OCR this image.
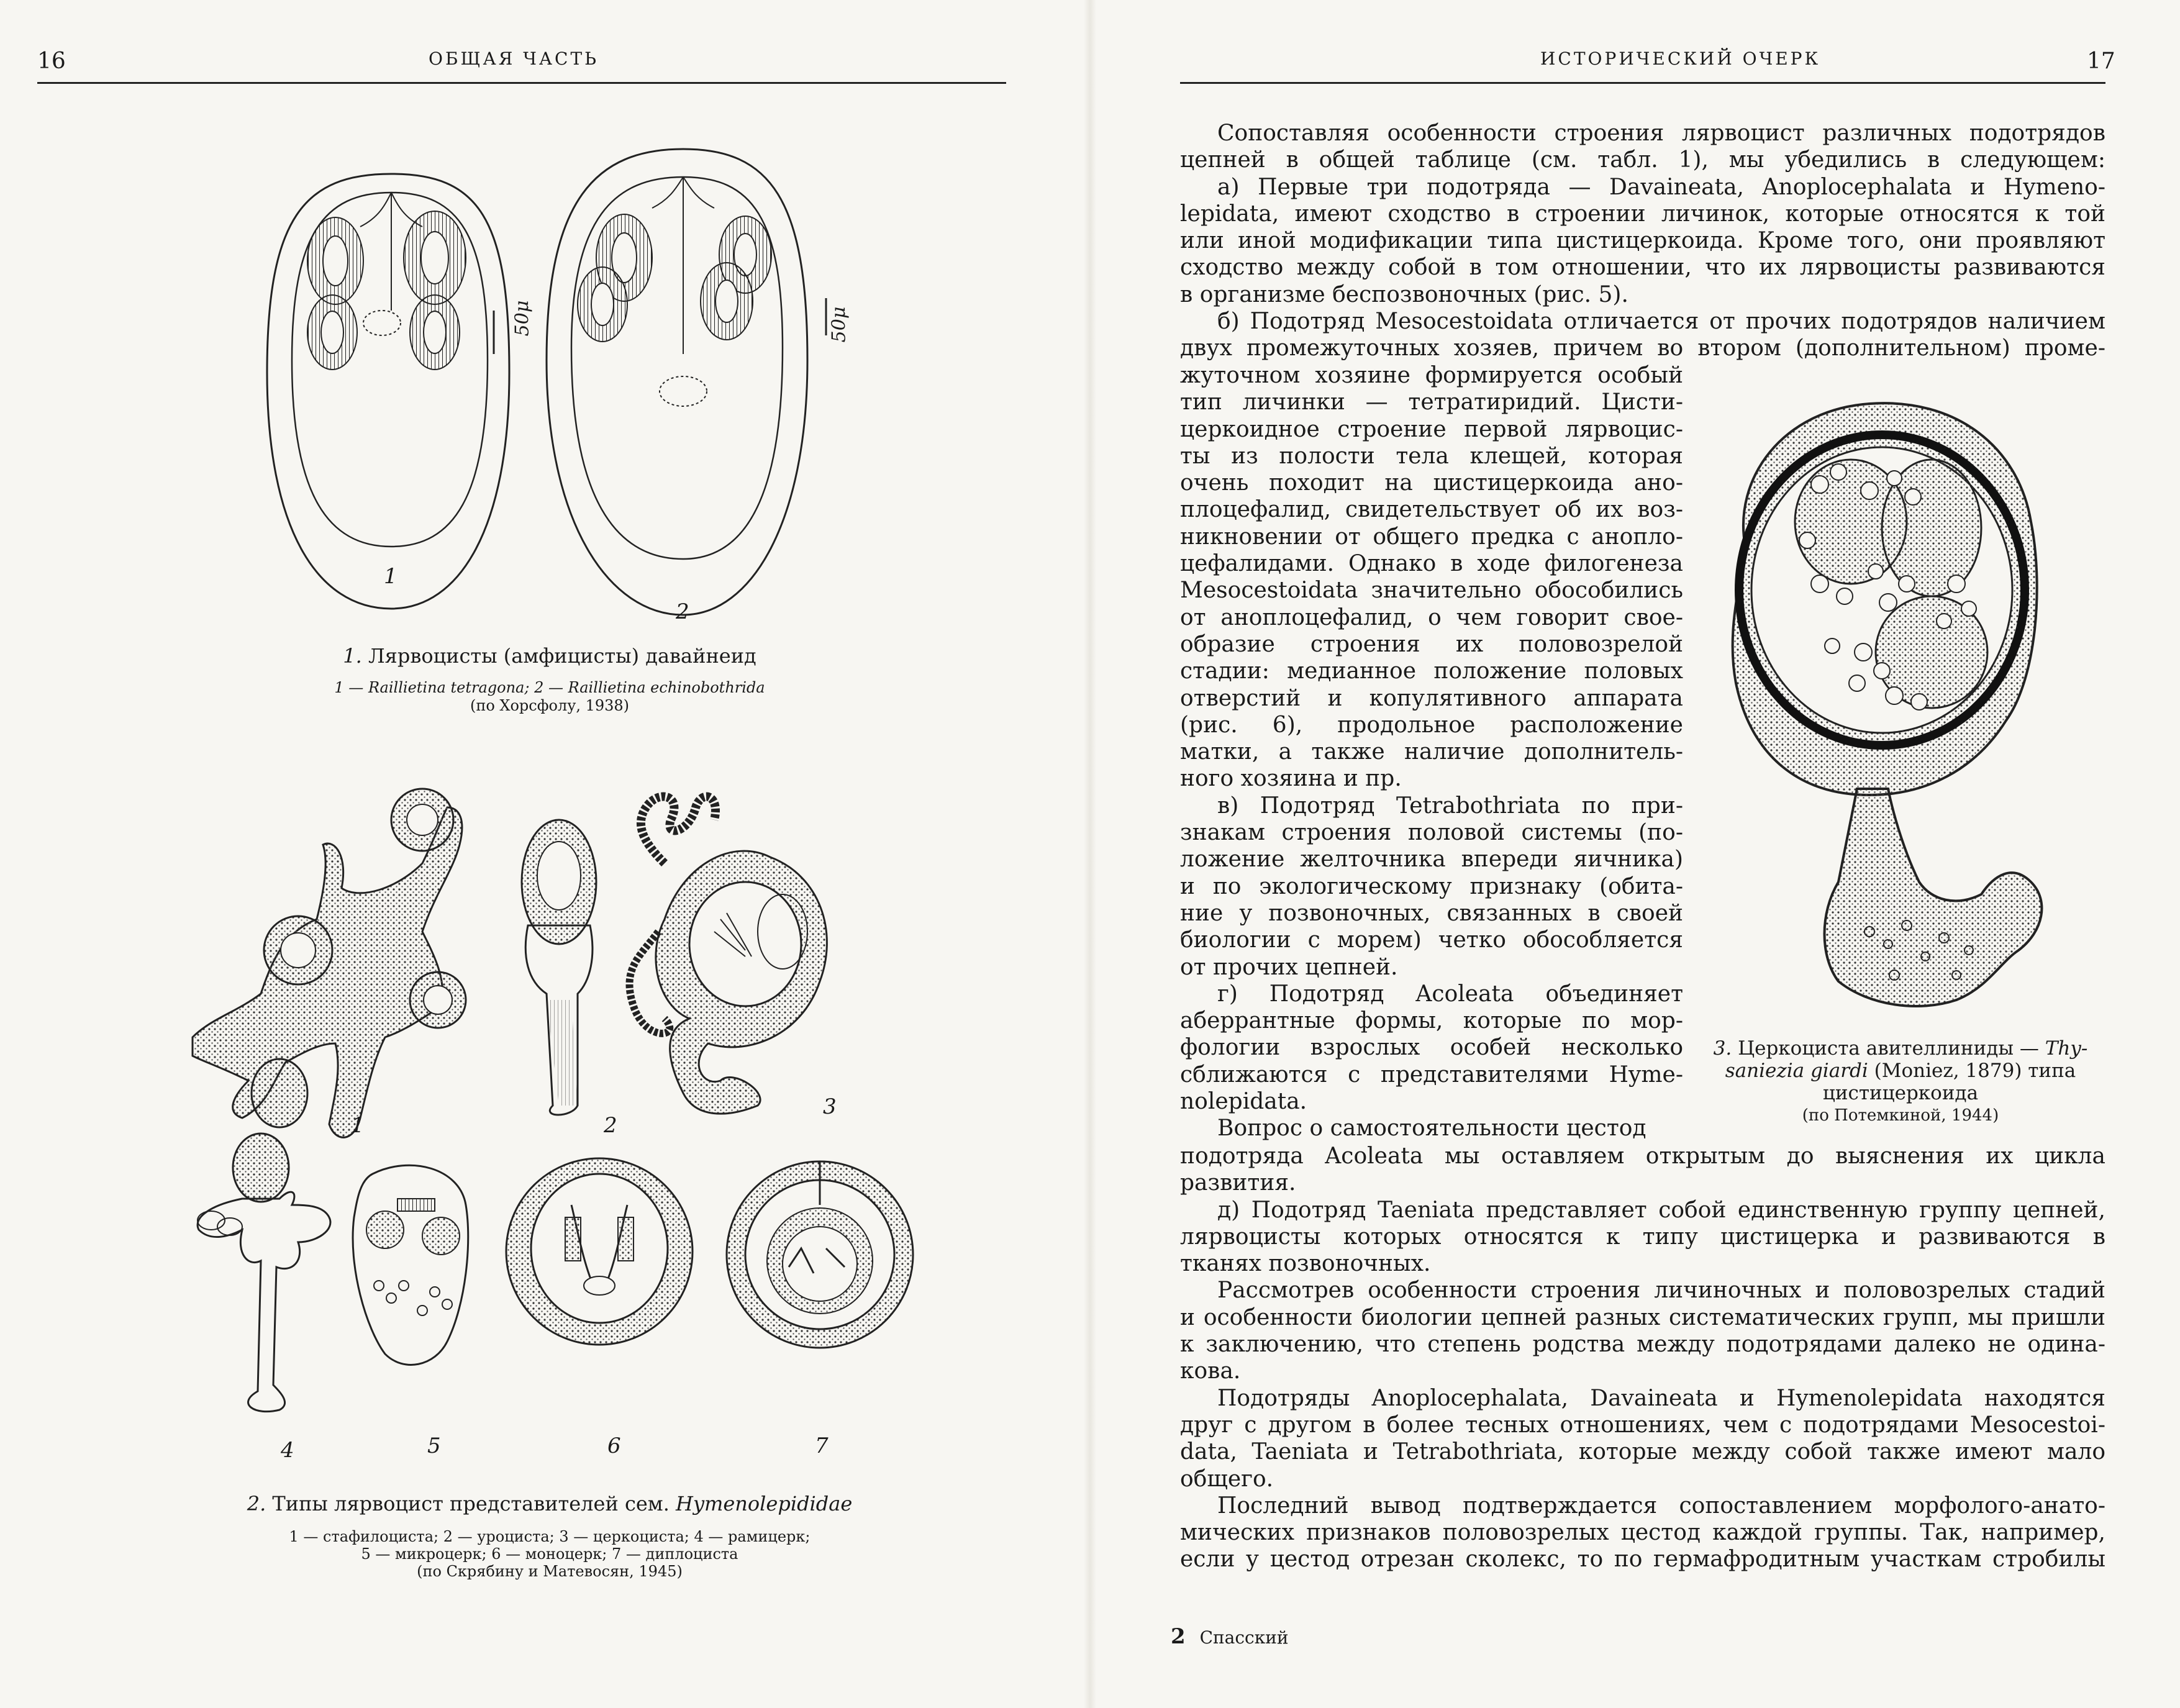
16	ОБЩАЯ ЧАСТЬ
50μ	50μ
1
2
1. Лярвоцисты (амфицисты) давайнеид
1 — Raillietina tetragona; 2 — Raillietina echinobothrida
(по Хорсфолу, 1938)
1	2
3
4	5	6	7
2. Типы лярвоцист представителей сем. Hymenolepididae
1 — стафилоциста; 2 — уроциста; 3 — церкоциста; 4 — рамицерк;
5 — микроцерк; 6 — моноцерк; 7 — диплоциста
(по Скрябину и Матевосян, 1945)
ИСТОРИЧЕСКИЙ ОЧЕРК	17
Сопоставляя особенности строения лярвоцист различных подотрядов
цепней в общей таблице (см. табл. 1), мы убедились в следующем:
а) Первые три подотряда — Davaineata, Anoplocephalata и Hymeno-
lepidata, имеют сходство в строении личинок, которые относятся к той
или иной модификации типа цистицеркоида. Кроме того, они проявляют
сходство между собой в том отношении, что их лярвоцисты развиваются
в организме беспозвоночных (рис. 5).
б) Подотряд Mesocestoidata отличается от прочих подотрядов наличием
двух промежуточных хозяев, причем во втором (дополнительном) проме-
жуточном хозяине формируется особый
тип личинки — тетратиридий. Цисти-
церкоидное строение первой лярвоцис-
ты из полости тела клещей, которая
очень походит на цистицеркоида ано-
плоцефалид, свидетельствует об их воз-
никновении от общего предка с аноплo-
цефалидами. Однако в ходе филогенеза
Mesocestoidata значительно обособились
от аноплоцефалид, о чем говорит свое-
образие строения их половозрелой
стадии: медианное положение половых
отверстий и копулятивного аппарата
(рис. 6), продольное расположение
матки, а также наличие дополнитель-
ного хозяина и пр.
в) Подотряд Tetrabothriata по при-
знакам строения половой системы (по-
ложение желточника впереди яичника)
и по экологическому признаку (обита-
ние у позвоночных, связанных в своей
биологии с морем) четко обособляется
от прочих цепней.
г) Подотряд Acoleata объединяет
аберрантные формы, которые по мор-
фологии взрослых особей несколько
сближаются с представителями Hyme-
nolepidata.
Вопрос о самостоятельности цестод
3. Церкоциста авителлиниды — Thy-
saniezia giardi (Moniez, 1879) типа
цистицеркоида
(по Потемкиной, 1944)
подотряда Acoleata мы оставляем открытым до выяснения их цикла
развития.
д) Подотряд Taeniata представляет собой единственную группу цепней,
лярвоцисты которых относятся к типу цистицерка и развиваются в
тканях позвоночных.
Рассмотрев особенности строения личиночных и половозрелых стадий
и особенности биологии цепней разных систематических групп, мы пришли
к заключению, что степень родства между подотрядами далеко не одина-
кова.
Подотряды Anoplocephalata, Davaineata и Hymenolepidata находятся
друг с другом в более тесных отношениях, чем с подотрядами Mesocestoi-
data, Taeniata и Tetrabothriata, которые между собой также имеют мало
общего.
Последний вывод подтверждается сопоставлением морфолого-анато-
мических признаков половозрелых цестод каждой группы. Так, например,
если у цестод отрезан сколекс, то по гермафродитным участкам стробилы
2 Спасский
